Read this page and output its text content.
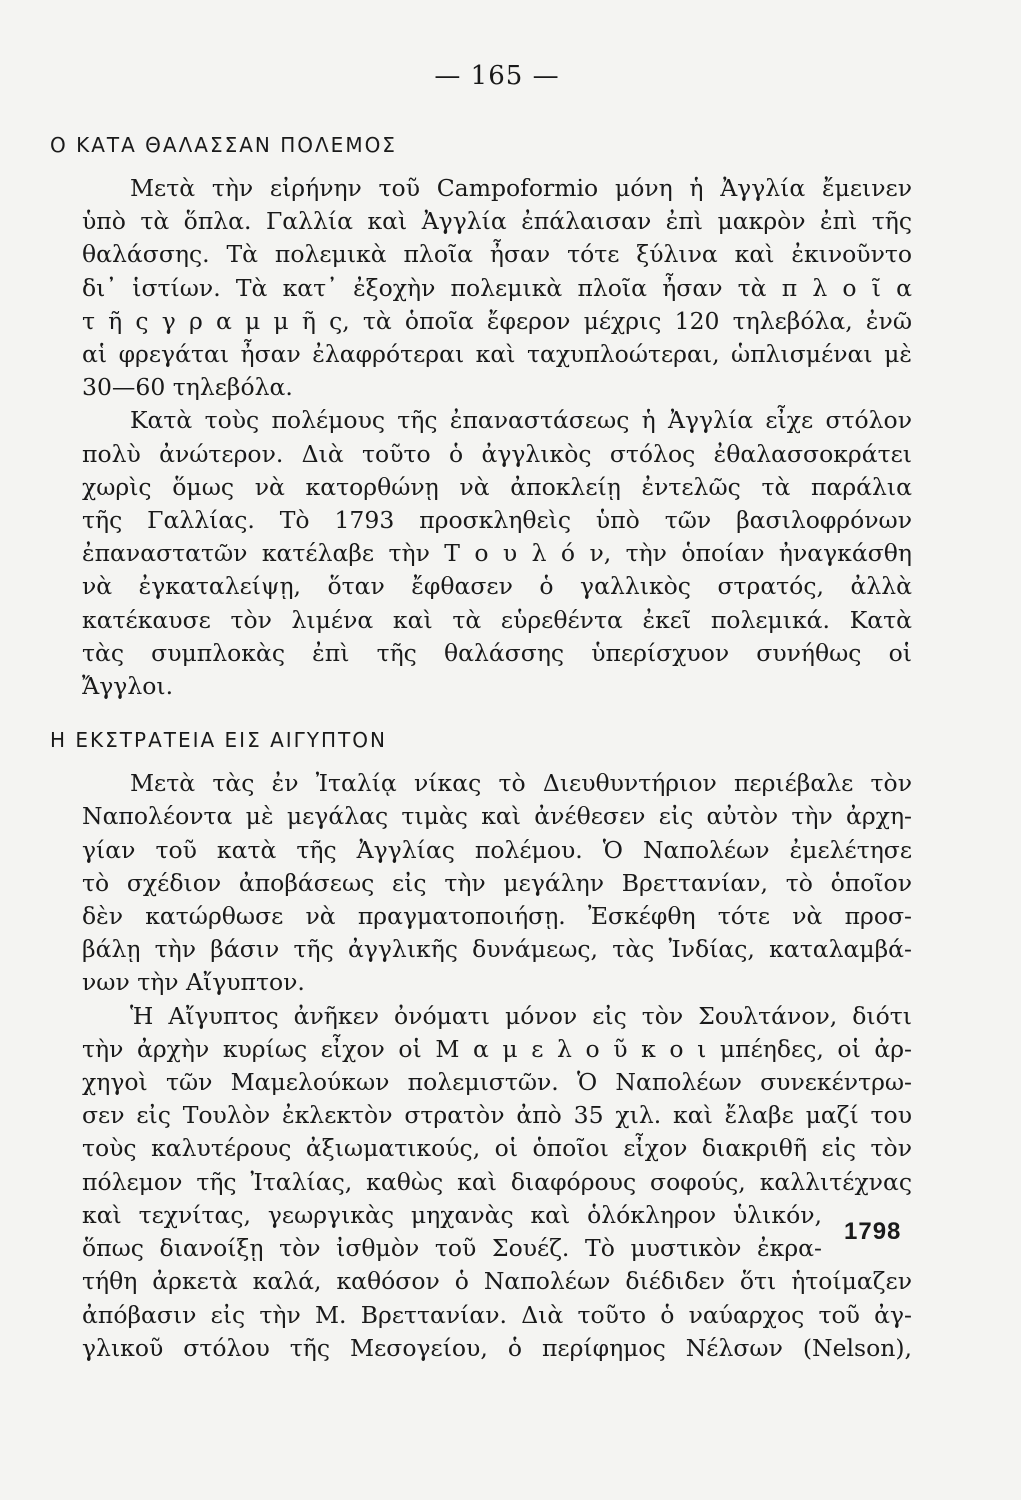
— 165 —
Ο ΚΑΤΑ ΘΑΛΑΣΣΑΝ ΠΟΛΕΜΟΣ

Μετὰ τὴν εἰρήνην τοῦ Campoformio μόνη ἡ Ἀγγλία ἔμεινεν
ὑπὸ τὰ ὅπλα. Γαλλία καὶ Ἀγγλία ἐπάλαισαν ἐπὶ μακρὸν ἐπὶ τῆς
θαλάσσης. Τὰ πολεμικὰ πλοῖα ἦσαν τότε ξύλινα καὶ ἐκινοῦντο
δι᾽ ἱστίων. Τὰ κατ᾽ ἐξοχὴν πολεμικὰ πλοῖα ἦσαν τὰ π λ ο ῖ α
τ ῆ ς γ ρ α μ μ ῆ ς, τὰ ὁποῖα ἔφερον μέχρις 120 τηλεβόλα, ἐνῶ
αἱ φρεγάται ἦσαν ἐλαφρότεραι καὶ ταχυπλοώτεραι, ὡπλισμέναι μὲ
30—60 τηλεβόλα.

Κατὰ τοὺς πολέμους τῆς ἐπαναστάσεως ἡ Ἀγγλία εἶχε στόλον
πολὺ ἀνώτερον. Διὰ τοῦτο ὁ ἀγγλικὸς στόλος ἐθαλασσοκράτει
χωρὶς ὅμως νὰ κατορθώνῃ νὰ ἀποκλείῃ ἐντελῶς τὰ παράλια
τῆς Γαλλίας. Τὸ 1793 προσκληθεὶς ὑπὸ τῶν βασιλοφρόνων
ἐπαναστατῶν κατέλαβε τὴν Τ ο υ λ ό ν, τὴν ὁποίαν ἠναγκάσθη
νὰ ἐγκαταλείψῃ, ὅταν ἔφθασεν ὁ γαλλικὸς στρατός, ἀλλὰ
κατέκαυσε τὸν λιμένα καὶ τὰ εὑρεθέντα ἐκεῖ πολεμικά. Κατὰ
τὰς συμπλοκὰς ἐπὶ τῆς θαλάσσης ὑπερίσχυον συνήθως οἱ
Ἄγγλοι.

Η ΕΚΣΤΡΑΤΕΙΑ ΕΙΣ ΑΙΓΥΠΤΟΝ

Μετὰ τὰς ἐν Ἰταλίᾳ νίκας τὸ Διευθυντήριον περιέβαλε τὸν
Ναπολέοντα μὲ μεγάλας τιμὰς καὶ ἀνέθεσεν εἰς αὐτὸν τὴν ἀρχη-
γίαν τοῦ κατὰ τῆς Ἀγγλίας πολέμου. Ὁ Ναπολέων ἐμελέτησε
τὸ σχέδιον ἀποβάσεως εἰς τὴν μεγάλην Βρεττανίαν, τὸ ὁποῖον
δὲν κατώρθωσε νὰ πραγματοποιήσῃ. Ἐσκέφθη τότε νὰ προσ-
βάλῃ τὴν βάσιν τῆς ἀγγλικῆς δυνάμεως, τὰς Ἰνδίας, καταλαμβά-
νων τὴν Αἴγυπτον.

Ἡ Αἴγυπτος ἀνῆκεν ὀνόματι μόνον εἰς τὸν Σουλτάνον, διότι
τὴν ἀρχὴν κυρίως εἶχον οἱ Μ α μ ε λ ο ῦ κ ο ι μπέηδες, οἱ ἀρ-
χηγοὶ τῶν Μαμελούκων πολεμιστῶν. Ὁ Ναπολέων συνεκέντρω-
σεν εἰς Τουλὸν ἐκλεκτὸν στρατὸν ἀπὸ 35 χιλ. καὶ ἔλαβε μαζί του
τοὺς καλυτέρους ἀξιωματικούς, οἱ ὁποῖοι εἶχον διακριθῆ εἰς τὸν
πόλεμον τῆς Ἰταλίας, καθὼς καὶ διαφόρους σοφούς, καλλιτέχνας
καὶ τεχνίτας, γεωργικὰς μηχανὰς καὶ ὁλόκληρον ὑλικόν,
ὅπως διανοίξῃ τὸν ἰσθμὸν τοῦ Σουέζ. Τὸ μυστικὸν ἐκρα-
τήθη ἀρκετὰ καλά, καθόσον ὁ Ναπολέων διέδιδεν ὅτι ἡτοίμαζεν
ἀπόβασιν εἰς τὴν Μ. Βρεττανίαν. Διὰ τοῦτο ὁ ναύαρχος τοῦ ἀγ-
γλικοῦ στόλου τῆς Μεσογείου, ὁ περίφημος Νέλσων (Nelson),

1798
